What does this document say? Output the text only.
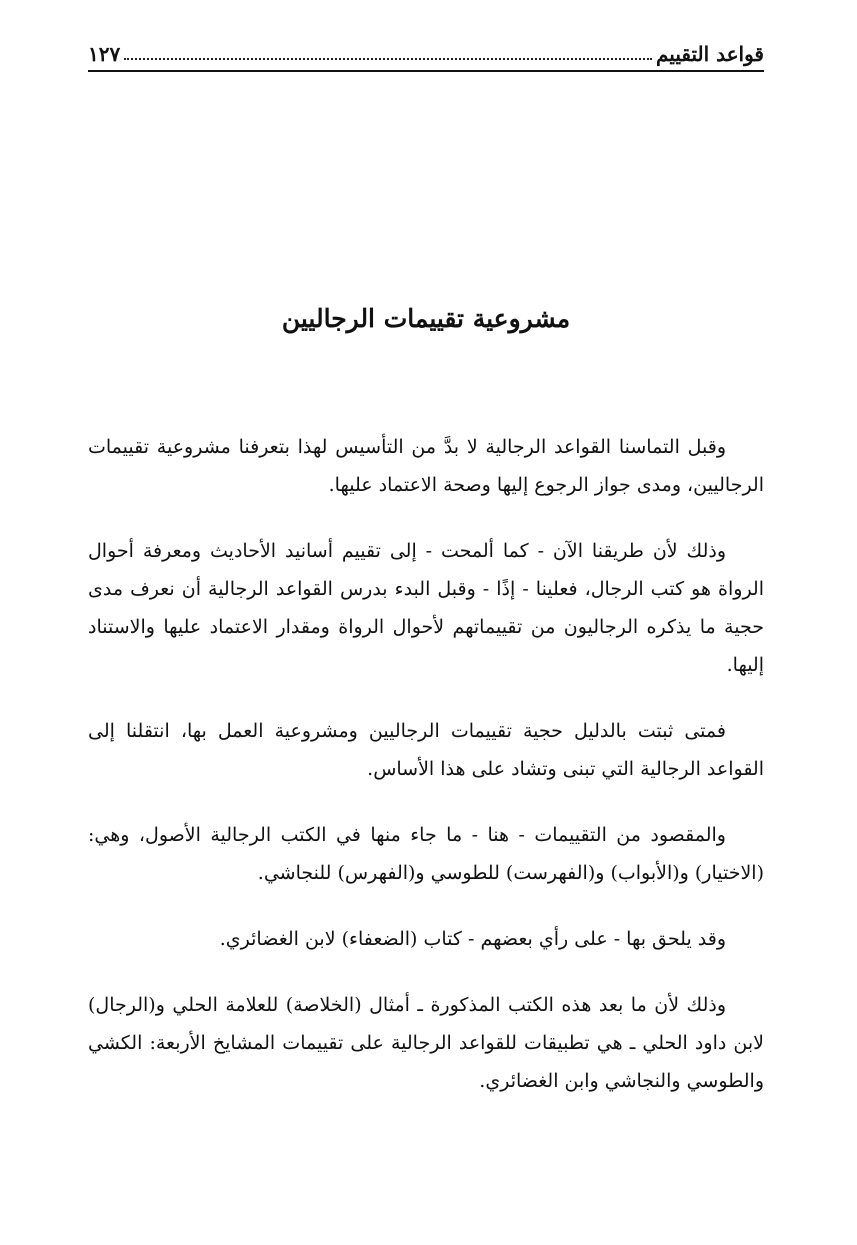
قواعد التقييم
١٢٧
مشروعية تقييمات الرجاليين

وقبل التماسنا القواعد الرجالية لا بدَّ من التأسيس لهذا بتعرفنا مشروعية تقييمات الرجاليين، ومدى جواز الرجوع إليها وصحة الاعتماد عليها.

وذلك لأن طريقنا الآن - كما ألمحت - إلى تقييم أسانيد الأحاديث ومعرفة أحوال الرواة هو كتب الرجال، فعلينا - إذًا - وقبل البدء بدرس القواعد الرجالية أن نعرف مدى حجية ما يذكره الرجاليون من تقييماتهم لأحوال الرواة ومقدار الاعتماد عليها والاستناد إليها.

فمتى ثبتت بالدليل حجية تقييمات الرجاليين ومشروعية العمل بها، انتقلنا إلى القواعد الرجالية التي تبنى وتشاد على هذا الأساس.

والمقصود من التقييمات - هنا - ما جاء منها في الكتب الرجالية الأصول، وهي: (الاختيار) و(الأبواب) و(الفهرست) للطوسي و(الفهرس) للنجاشي.

وقد يلحق بها - على رأي بعضهم - كتاب (الضعفاء) لابن الغضائري.

وذلك لأن ما بعد هذه الكتب المذكورة ـ أمثال (الخلاصة) للعلامة الحلي و(الرجال) لابن داود الحلي ـ هي تطبيقات للقواعد الرجالية على تقييمات المشايخ الأربعة: الكشي والطوسي والنجاشي وابن الغضائري.
